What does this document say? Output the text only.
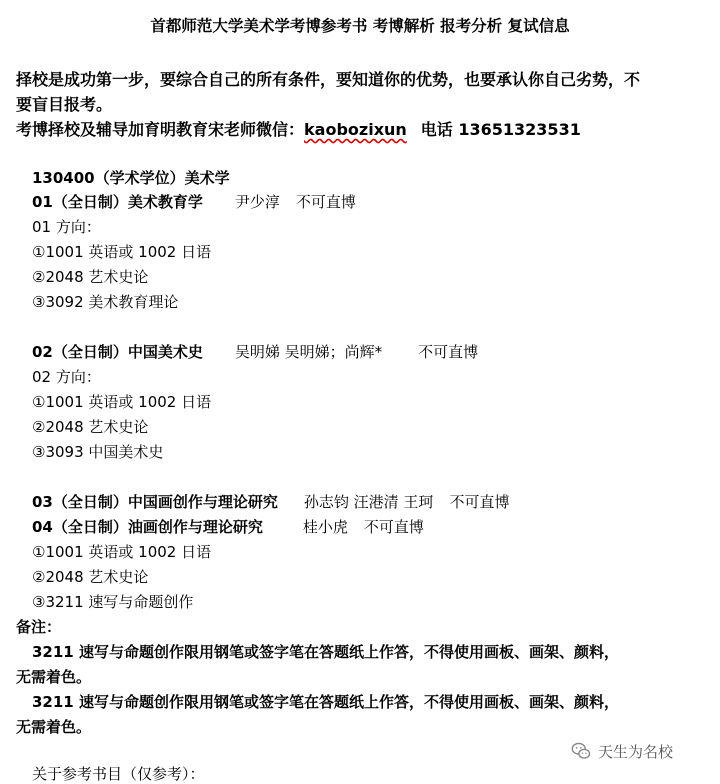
首都师范大学美术学考博参考书 考博解析 报考分析 复试信息
择校是成功第一步，要综合自己的所有条件，要知道你的优势，也要承认你自己劣势，不
要盲目报考。
考博择校及辅导加育明教育宋老师微信：kaobozixun 电话 13651323531
130400（学术学位）美术学
01（全日制）美术教育学 尹少淳 不可直博
01 方向：
①1001 英语或 1002 日语
②2048 艺术史论
③3092 美术教育理论
02（全日制）中国美术史 吴明娣 吴明娣；尚辉* 不可直博
02 方向：
①1001 英语或 1002 日语
②2048 艺术史论
③3093 中国美术史
03（全日制）中国画创作与理论研究 孙志钧 汪港清 王珂 不可直博
04（全日制）油画创作与理论研究	桂小虎 不可直博
①1001 英语或 1002 日语
②2048 艺术史论
③3211 速写与命题创作
备注：
3211 速写与命题创作限用钢笔或签字笔在答题纸上作答，不得使用画板、画架、颜料，
无需着色。
3211 速写与命题创作限用钢笔或签字笔在答题纸上作答，不得使用画板、画架、颜料，
无需着色。
关于参考书目（仅参考）：
天生为名校
